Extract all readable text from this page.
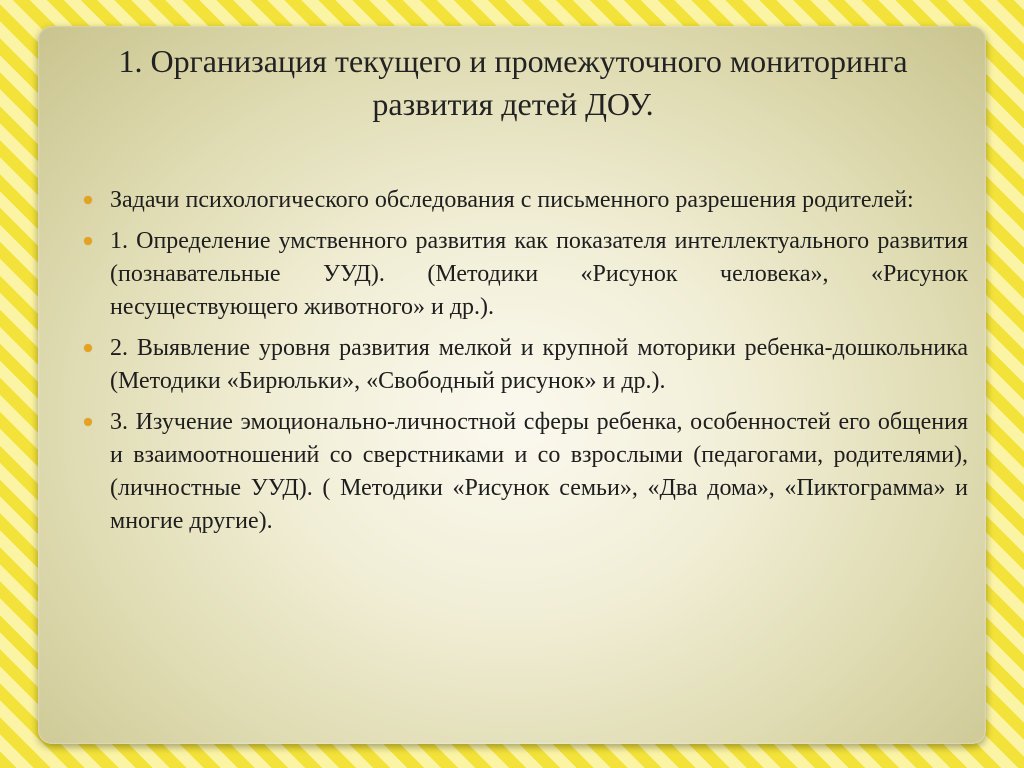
1. Организация текущего и промежуточного мониторинга
развития детей ДОУ.
Задачи психологического обследования с письменного разрешения родителей:
1. Определение умственного развития как показателя интеллектуального развития (познавательные УУД). (Методики «Рисунок человека», «Рисунок несуществующего животного» и др.).
2. Выявление уровня развития мелкой и крупной моторики ребенка-дошкольника (Методики «Бирюльки», «Свободный рисунок» и др.).
3. Изучение эмоционально-личностной сферы ребенка, особенностей его общения и взаимоотношений со сверстниками и со взрослыми (педагогами, родителями), (личностные УУД). ( Методики «Рисунок семьи», «Два дома», «Пиктограмма» и многие другие).
